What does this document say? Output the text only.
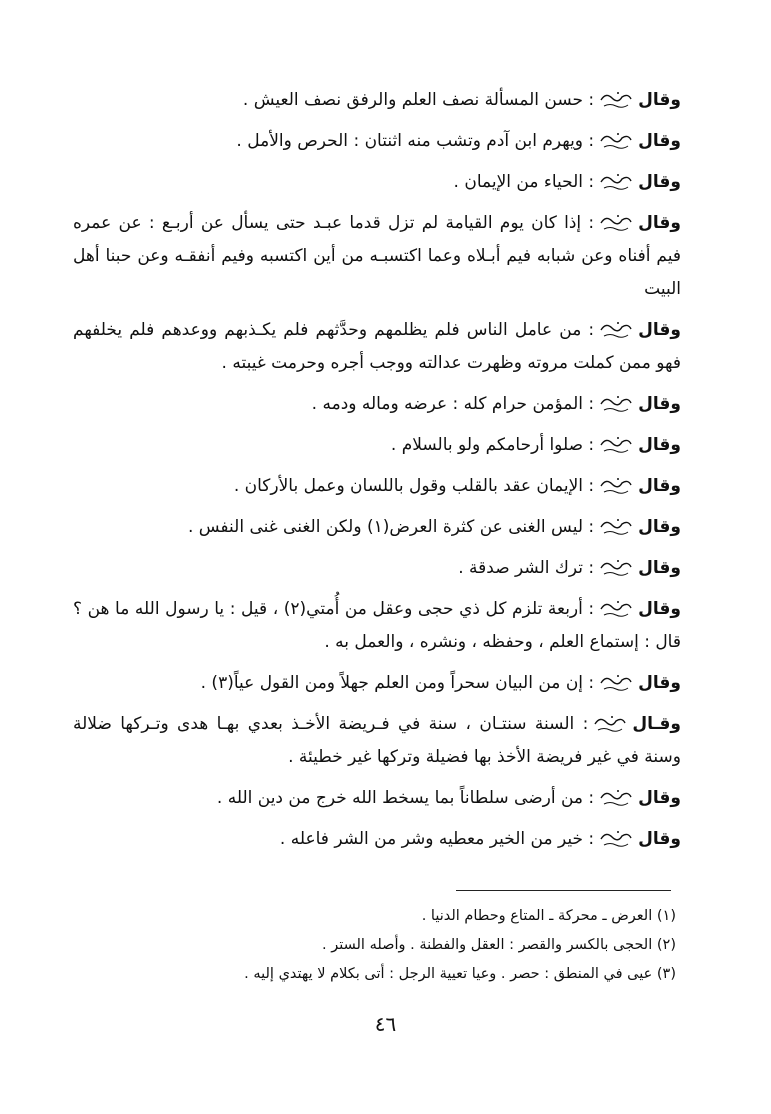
وقال
: حسن المسألة نصف العلم والرفق نصف العيش .

وقال
: ويهرم ابن آدم وتشب منه اثنتان : الحرص والأمل .

وقال
: الحياء من الإيمان .

وقال
: إذا كان يوم القيامة لم تزل قدما عبـد حتى يسأل عن أربـع : عن عمره فيم أفناه وعن شبابه فيم أبـلاه وعما اكتسبـه من أين اكتسبه وفيم أنفقـه وعن حبنا أهل البيت

وقال
: من عامل الناس فلم يظلمهم وحدَّثهم فلم يكـذبهم ووعدهم فلم يخلفهم فهو ممن كملت مروته وظهرت عدالته ووجب أجره وحرمت غيبته .

وقال
: المؤمن حرام كله : عرضه وماله ودمه .

وقال
: صلوا أرحامكم ولو بالسلام .

وقال
: الإيمان عقد بالقلب وقول باللسان وعمل بالأركان .

وقال
: ليس الغنى عن كثرة العرض(١) ولكن الغنى غنى النفس .

وقال
: ترك الشر صدقة .

وقال
: أربعة تلزم كل ذي حجى وعقل من أُمتي(٢) ، قيل : يا رسول الله ما هن ؟ قال : إستماع العلم ، وحفظه ، ونشره ، والعمل به .

وقال
: إن من البيان سحراً ومن العلم جهلاً ومن القول عياً(٣) .

وقـال
: السنة سنتـان ، سنة في فـريضة الأخـذ بعدي بهـا هدى وتـركها ضلالة وسنة في غير فريضة الأخذ بها فضيلة وتركها غير خطيئة .

وقال
: من أرضى سلطاناً بما يسخط الله خرج من دين الله .

وقال
: خير من الخير معطيه وشر من الشر فاعله .

(١) العرض ـ محركة ـ المتاع وحطام الدنيا .

(٢) الحجى بالكسر والقصر : العقل والفطنة . وأصله الستر .

(٣) عيى في المنطق : حصر . وعيا تعيية الرجل : أتى بكلام لا يهتدي إليه .

٤٦
